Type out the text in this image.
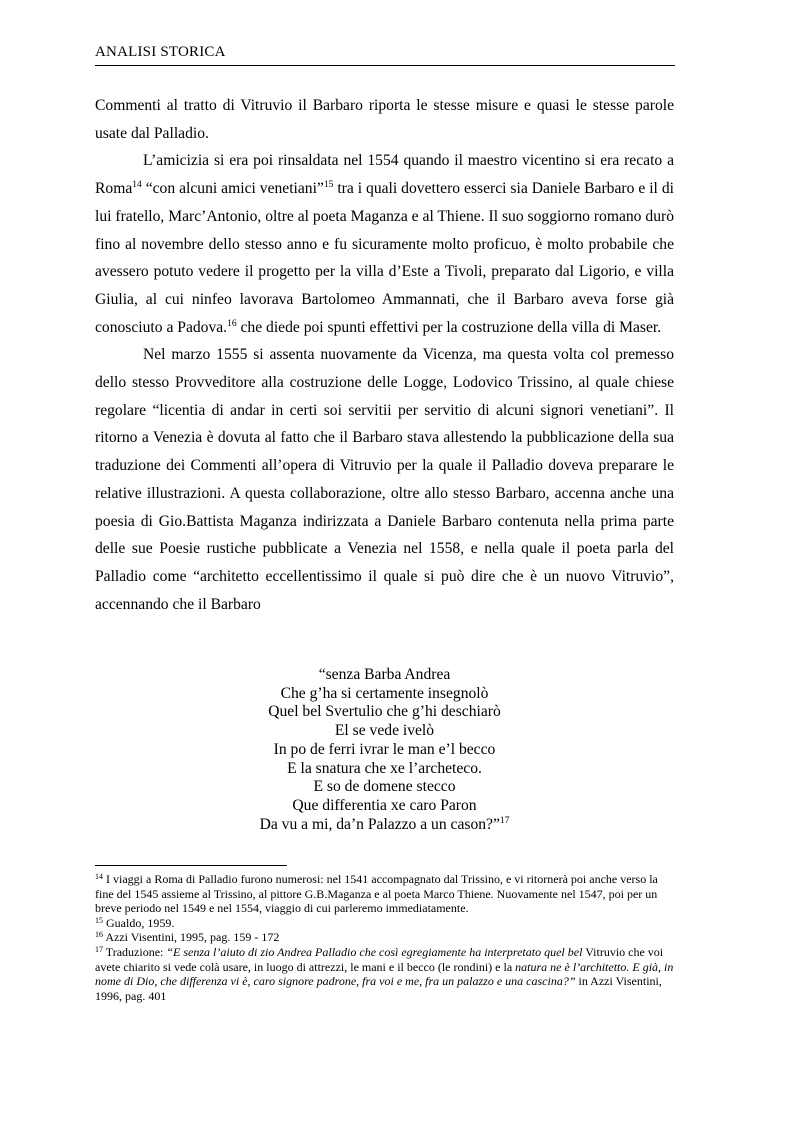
ANALISI STORICA

Commenti al tratto di Vitruvio il Barbaro riporta le stesse misure e quasi le stesse parole usate dal Palladio.

L’amicizia si era poi rinsaldata nel 1554 quando il maestro vicentino si era recato a Roma$^{14}$ “con alcuni amici venetiani”$^{15}$ tra i quali dovettero esserci sia Daniele Barbaro e il di lui fratello, Marc’Antonio, oltre al poeta Maganza e al Thiene. Il suo soggiorno romano durò fino al novembre dello stesso anno e fu sicuramente molto proficuo, è molto probabile che avessero potuto vedere il progetto per la villa d’Este a Tivoli, preparato dal Ligorio, e villa Giulia, al cui ninfeo lavorava Bartolomeo Ammannati, che il Barbaro aveva forse già conosciuto a Padova.$^{16}$ che diede poi spunti effettivi per la costruzione della villa di Maser.

Nel marzo 1555 si assenta nuovamente da Vicenza, ma questa volta col premesso dello stesso Provveditore alla costruzione delle Logge, Lodovico Trissino, al quale chiese regolare “licentia di andar in certi soi servitii per servitio di alcuni signori venetiani”. Il ritorno a Venezia è dovuta al fatto che il Barbaro stava allestendo la pubblicazione della sua traduzione dei Commenti all’opera di Vitruvio per la quale il Palladio doveva preparare le relative illustrazioni. A questa collaborazione, oltre allo stesso Barbaro, accenna anche una poesia di Gio.Battista Maganza indirizzata a Daniele Barbaro contenuta nella prima parte delle sue Poesie rustiche pubblicate a Venezia nel 1558, e nella quale il poeta parla del Palladio come “architetto eccellentissimo il quale si può dire che è un nuovo Vitruvio”, accennando che il Barbaro

“senza Barba Andrea
Che g’ha si certamente insegnolò
Quel bel Svertulio che g’hi deschiarò
El se vede ivelò
In po de ferri ivrar le man e’l becco
E la snatura che xe l’archeteco.
E so de domene stecco
Que differentia xe caro Paron
Da vu a mi, da’n Palazzo a un cason?”$^{17}$
$^{14}$ I viaggi a Roma di Palladio furono numerosi: nel 1541 accompagnato dal Trissino, e vi ritornerà poi anche verso la fine del 1545 assieme al Trissino, al pittore G.B.Maganza e al poeta Marco Thiene. Nuovamente nel 1547, poi per un breve periodo nel 1549 e nel 1554, viaggio di cui parleremo immediatamente.
$^{15}$ Gualdo, 1959.
$^{16}$ Azzi Visentini, 1995, pag. 159 - 172
$^{17}$ Traduzione: “E senza l’aiuto di zio Andrea Palladio che così egregiamente ha interpretato quel bel Vitruvio che voi avete chiarito si vede colà usare, in luogo di attrezzi, le mani e il becco (le rondini) e la natura ne è l’architetto. E già, in nome di Dio, che differenza vi è, caro signore padrone, fra voi e me, fra un palazzo e una cascina?” in Azzi Visentini, 1996, pag. 401
